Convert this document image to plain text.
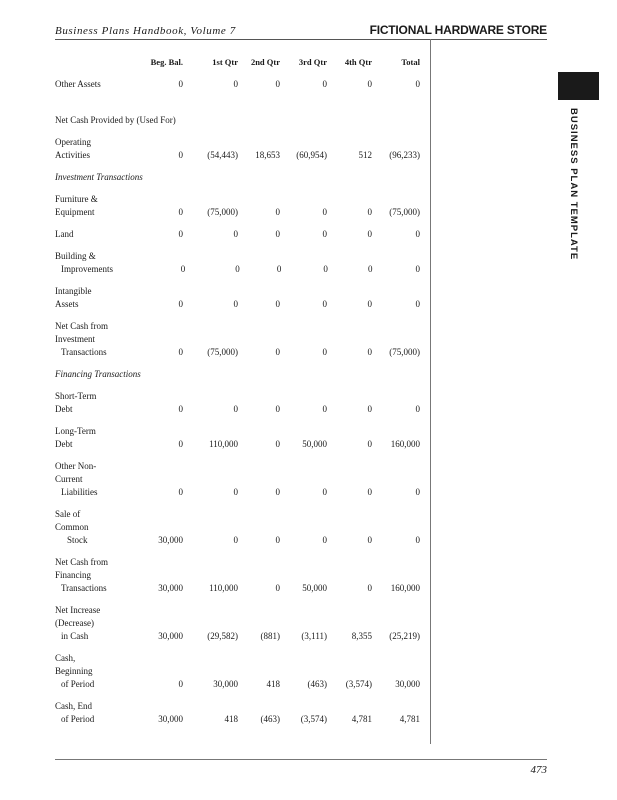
Business Plans Handbook, Volume 7	FICTIONAL HARDWARE STORE
BUSINESS PLAN TEMPLATE
Beg. Bal.	1st Qtr	2nd Qtr	3rd Qtr	4th Qtr	Total
Other Assets	0	0	0	0	0	0
Net Cash Provided by (Used For)
Operating Activities	0	(54,443)	18,653	(60,954)	512	(96,233)
Investment Transactions
Furniture & Equipment	0	(75,000)	0	0	0	(75,000)
Land	0	0	0	0	0	0
Building &
Improvements	0	0	0	0	0	0
Intangible Assets	0	0	0	0	0	0
Net Cash from Investment
Transactions	0	(75,000)	0	0	0	(75,000)
Financing Transactions
Short-Term Debt	0	0	0	0	0	0
Long-Term Debt	0	110,000	0	50,000	0	160,000
Other Non-Current
Liabilities	0	0	0	0	0	0
Sale of Common
Stock	30,000	0	0	0	0	0
Net Cash from Financing
Transactions	30,000	110,000	0	50,000	0	160,000
Net Increase (Decrease)
in Cash	30,000	(29,582)	(881)	(3,111)	8,355	(25,219)
Cash, Beginning
of Period	0	30,000	418	(463)	(3,574)	30,000
Cash, End
of Period	30,000	418	(463)	(3,574)	4,781	4,781
473
